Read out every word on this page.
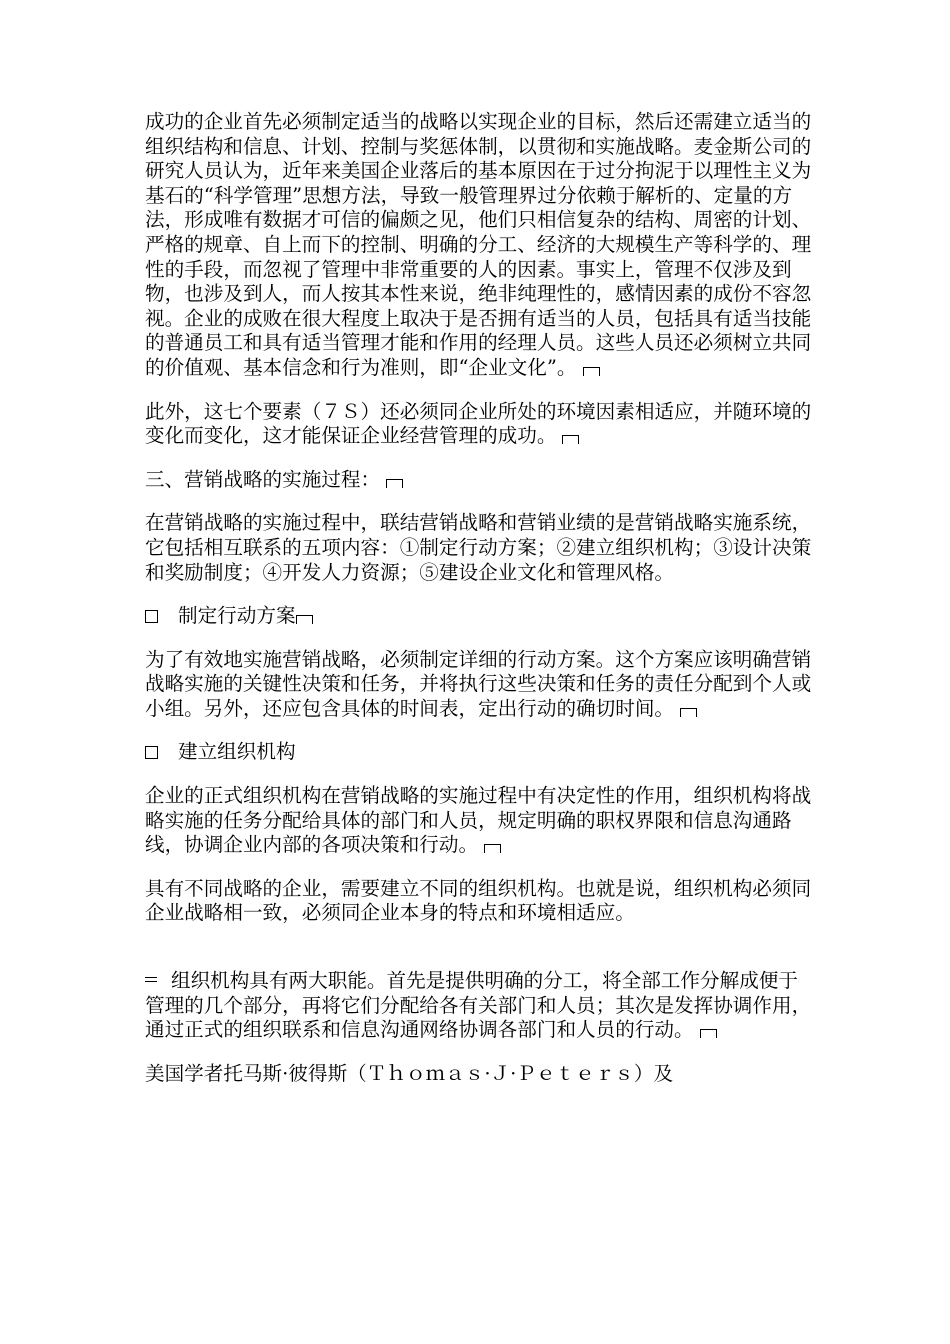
成功的企业首先必须制定适当的战略以实现企业的目标，然后还需建立适当的组织结构和信息、计划、控制与奖惩体制，以贯彻和实施战略。麦金斯公司的研究人员认为，近年来美国企业落后的基本原因在于过分拘泥于以理性主义为基石的“科学管理”思想方法，导致一般管理界过分依赖于解析的、定量的方法，形成唯有数据才可信的偏颇之见，他们只相信复杂的结构、周密的计划、严格的规章、自上而下的控制、明确的分工、经济的大规模生产等科学的、理性的手段，而忽视了管理中非常重要的人的因素。事实上，管理不仅涉及到物，也涉及到人，而人按其本性来说，绝非纯理性的，感情因素的成份不容忽视。企业的成败在很大程度上取决于是否拥有适当的人员，包括具有适当技能的普通员工和具有适当管理才能和作用的经理人员。这些人员还必须树立共同的价值观、基本信念和行为准则，即“企业文化”。

此外，这七个要素（７Ｓ）还必须同企业所处的环境因素相适应，并随环境的变化而变化，这才能保证企业经营管理的成功。

三、营销战略的实施过程：

在营销战略的实施过程中，联结营销战略和营销业绩的是营销战略实施系统，它包括相互联系的五项内容：①制定行动方案；②建立组织机构；③设计决策和奖励制度；④开发人力资源；⑤建设企业文化和管理风格。

制定行动方案

为了有效地实施营销战略，必须制定详细的行动方案。这个方案应该明确营销战略实施的关键性决策和任务，并将执行这些决策和任务的责任分配到个人或小组。另外，还应包含具体的时间表，定出行动的确切时间。

建立组织机构

企业的正式组织机构在营销战略的实施过程中有决定性的作用，组织机构将战略实施的任务分配给具体的部门和人员，规定明确的职权界限和信息沟通路线，协调企业内部的各项决策和行动。

具有不同战略的企业，需要建立不同的组织机构。也就是说，组织机构必须同企业战略相一致，必须同企业本身的特点和环境相适应。

组织机构具有两大职能。首先是提供明确的分工，将全部工作分解成便于管理的几个部分，再将它们分配给各有关部门和人员；其次是发挥协调作用，通过正式的组织联系和信息沟通网络协调各部门和人员的行动。

美国学者托马斯·彼得斯（Ｔｈｏｍａｓ·Ｊ·Ｐｅｔｅｒｓ）及
